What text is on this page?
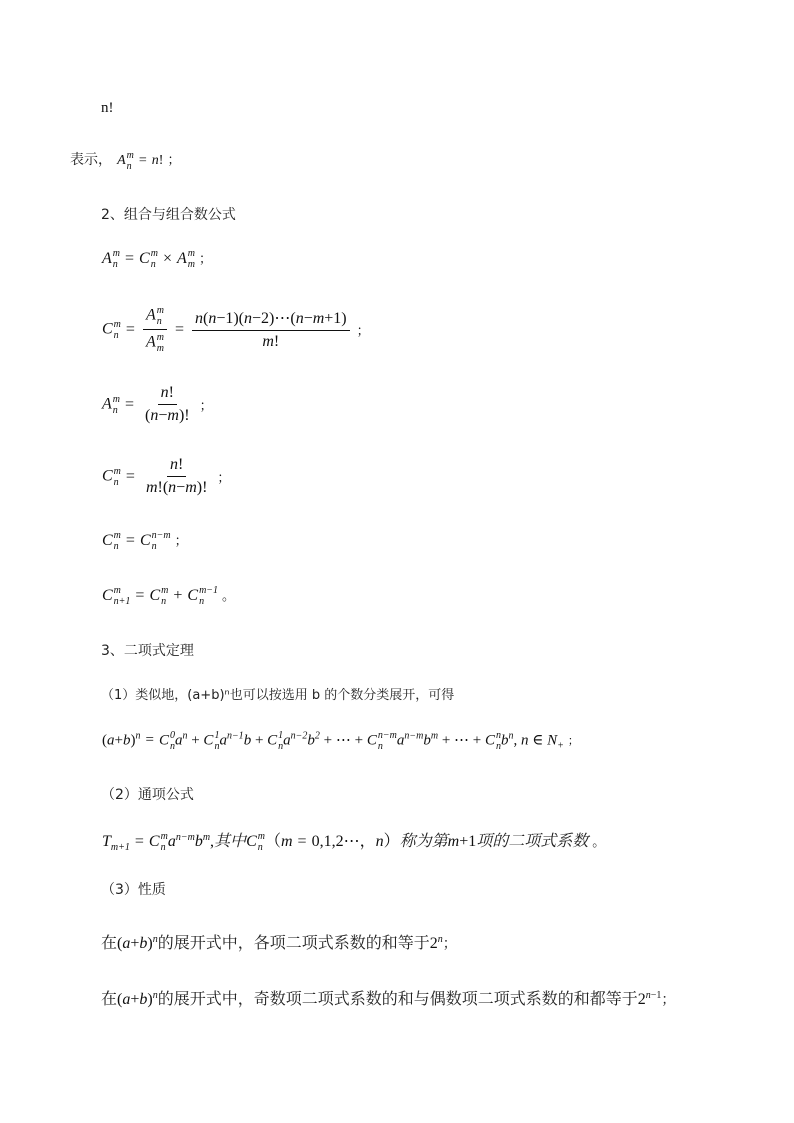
n!
表示， A m
n = n! ；
2、组合与组合数公式
A m
n = C m
n × A m
m ；
C m
n = A m
n
A m
$m = \frac{n(n-1)(n-2)\cdots(n-m+1)}{m!}$ ；
A m
$n = \frac{n!}{(n-m)!}$ ；
C m
$n = \frac{n!}{m!(n-m)!}$ ；
C m
n = C n−m
n	；
C m
n+1 = C m
n + C m−1
n	。
3、二项式定理
（1）类似地，(a+b)ⁿ也可以按选用 b 的个数分类展开，可得
$(a+b)^n = C$ 0
n $a^n + C$ 1
n $a^{n-1}b + C$ 1
n $a^{n-2}b^2$ + ⋯ + C n−m
n $a^{n-m}b^m$ + ⋯ + C n
n $b^n$, n ∈ $N_+$ ；
（2）通项公式
$T_{m+1} = C$ m
n $a^{n-m}b^m$,其中C m
n （m = 0,1,2⋯，n）称为第m+1项的二项式系数 。
（3）性质
在$(a+b)^n$的展开式中，各项二项式系数的和等于2$^n$；
在$(a+b)^n$的展开式中，奇数项二项式系数的和与偶数项二项式系数的和都等于$2^{n-1}$；
